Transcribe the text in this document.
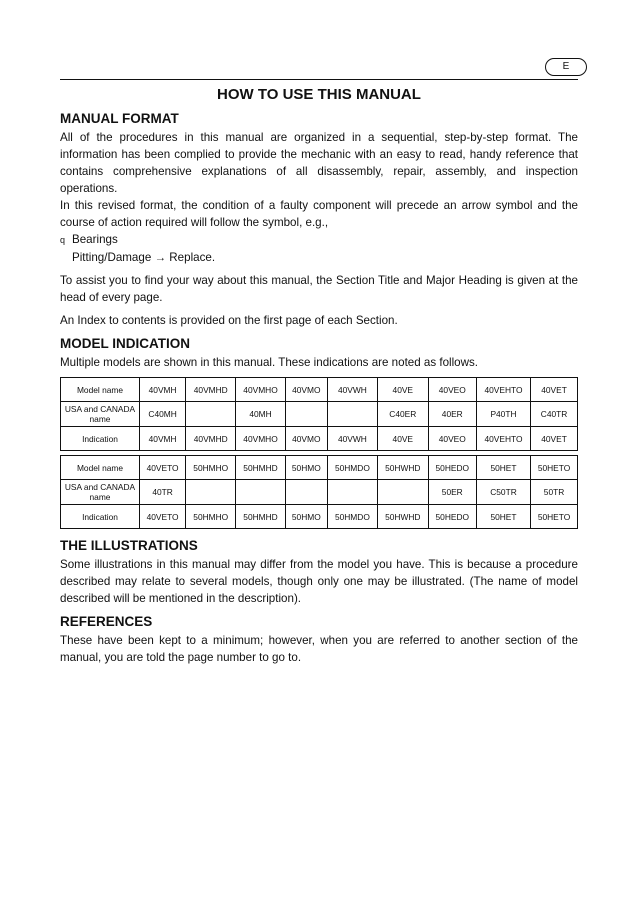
E
HOW TO USE THIS MANUAL
MANUAL FORMAT

All of the procedures in this manual are organized in a sequential, step-by-step format. The information has been complied to provide the mechanic with an easy to read, handy reference that contains comprehensive explanations of all disassembly, repair, assembly, and inspection operations.

In this revised format, the condition of a faulty component will precede an arrow symbol and the course of action required will follow the symbol, e.g.,

q Bearings
Pitting/Damage → Replace.

To assist you to find your way about this manual, the Section Title and Major Heading is given at the head of every page.

An Index to contents is provided on the first page of each Section.

MODEL INDICATION

Multiple models are shown in this manual. These indications are noted as follows.

Model name	40VMH	40VMHD	40VMHO	40VMO	40VWH	40VE	40VEO	40VEHTO	40VET
USA and CANADA name	C40MH		40MH			C40ER	40ER	P40TH	C40TR
Indication	40VMH	40VMHD	40VMHO	40VMO	40VWH	40VE	40VEO	40VEHTO	40VET

Model name	40VETO	50HMHO	50HMHD	50HMO	50HMDO	50HWHD	50HEDO	50HET	50HETO
USA and CANADA name	40TR						50ER	C50TR	50TR
Indication	40VETO	50HMHO	50HMHD	50HMO	50HMDO	50HWHD	50HEDO	50HET	50HETO
THE ILLUSTRATIONS

Some illustrations in this manual may differ from the model you have. This is because a procedure described may relate to several models, though only one may be illustrated. (The name of model described will be mentioned in the description).

REFERENCES

These have been kept to a minimum; however, when you are referred to another section of the manual, you are told the page number to go to.
